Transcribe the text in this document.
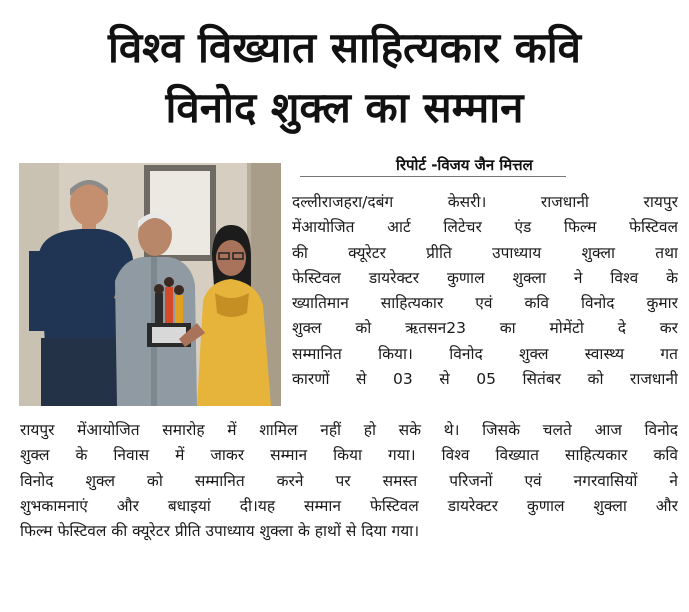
विश्व विख्यात साहित्यकार कवि
विनोद शुक्ल का सम्मान
रिपोर्ट -विजय जैन मित्तल
दल्लीराजहरा/दबंग केसरी। राजधानी रायपुर
मेंआयोजित आर्ट लिटेचर एंड फिल्म फेस्टिवल
की क्यूरेटर प्रीति उपाध्याय शुक्ला तथा
फेस्टिवल डायरेक्टर कुणाल शुक्ला ने विश्व के
ख्यातिमान साहित्यकार एवं कवि विनोद कुमार
शुक्ल को ऋतसन23 का मोमेंटो दे कर
सम्मानित किया। विनोद शुक्ल स्वास्थ्य गत
कारणों से 03 से 05 सितंबर को राजधानी
रायपुर मेंआयोजित समारोह में शामिल नहीं हो सके थे। जिसके चलते आज विनोद
शुक्ल के निवास में जाकर सम्मान किया गया। विश्व विख्यात साहित्यकार कवि
विनोद शुक्ल को सम्मानित करने पर समस्त परिजनों एवं नगरवासियों ने
शुभकामनाएं और बधाइयां दी।यह सम्मान फेस्टिवल डायरेक्टर कुणाल शुक्ला और
फिल्म फेस्टिवल की क्यूरेटर प्रीति उपाध्याय शुक्ला के हाथों से दिया गया।
